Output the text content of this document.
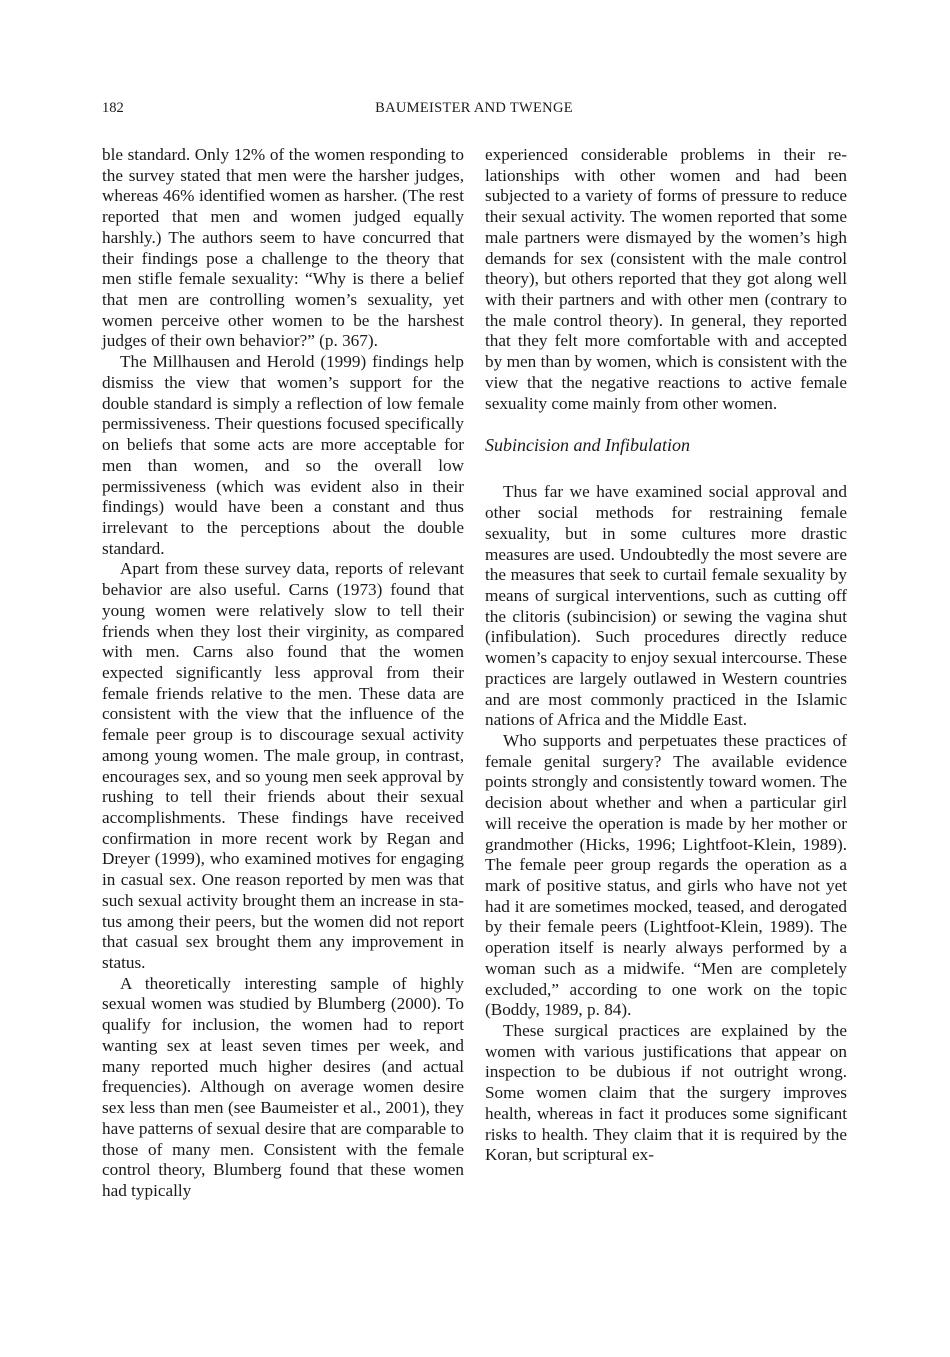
182	BAUMEISTER AND TWENGE

ble standard. Only 12% of the women responding to the survey stated that men were the harsher judges, whereas 46% identified women as harsher. (The rest reported that men and women judged equally harshly.) The authors seem to have concurred that their findings pose a challenge to the theory that men stifle female sexuality: “Why is there a belief that men are controlling women’s sexuality, yet women perceive other women to be the harshest judges of their own behavior?” (p. 367).

The Millhausen and Herold (1999) findings help dismiss the view that women’s support for the double standard is simply a reflection of low female permissiveness. Their questions focused specifically on beliefs that some acts are more acceptable for men than women, and so the overall low permissiveness (which was evident also in their findings) would have been a constant and thus irrelevant to the perceptions about the double standard.

Apart from these survey data, reports of relevant behavior are also useful. Carns (1973) found that young women were relatively slow to tell their friends when they lost their virginity, as compared with men. Carns also found that the women expected significantly less approval from their female friends relative to the men. These data are consistent with the view that the influence of the female peer group is to discourage sexual activity among young women. The male group, in contrast, encourages sex, and so young men seek approval by rushing to tell their friends about their sexual accomplishments. These findings have received confirmation in more recent work by Regan and Dreyer (1999), who examined motives for engaging in casual sex. One reason reported by men was that such sexual activity brought them an increase in status among their peers, but the women did not report that casual sex brought them any improvement in status.

A theoretically interesting sample of highly sexual women was studied by Blumberg (2000). To qualify for inclusion, the women had to report wanting sex at least seven times per week, and many reported much higher desires (and actual frequencies). Although on average women desire sex less than men (see Baumeister et al., 2001), they have patterns of sexual desire that are comparable to those of many men. Consistent with the female control theory, Blumberg found that these women had typically

experienced considerable problems in their relationships with other women and had been subjected to a variety of forms of pressure to reduce their sexual activity. The women reported that some male partners were dismayed by the women’s high demands for sex (consistent with the male control theory), but others reported that they got along well with their partners and with other men (contrary to the male control theory). In general, they reported that they felt more comfortable with and accepted by men than by women, which is consistent with the view that the negative reactions to active female sexuality come mainly from other women.

Subincision and Infibulation

Thus far we have examined social approval and other social methods for restraining female sexuality, but in some cultures more drastic measures are used. Undoubtedly the most severe are the measures that seek to curtail female sexuality by means of surgical interventions, such as cutting off the clitoris (subincision) or sewing the vagina shut (infibulation). Such procedures directly reduce women’s capacity to enjoy sexual intercourse. These practices are largely outlawed in Western countries and are most commonly practiced in the Islamic nations of Africa and the Middle East.

Who supports and perpetuates these practices of female genital surgery? The available evidence points strongly and consistently toward women. The decision about whether and when a particular girl will receive the operation is made by her mother or grandmother (Hicks, 1996; Lightfoot-Klein, 1989). The female peer group regards the operation as a mark of positive status, and girls who have not yet had it are sometimes mocked, teased, and derogated by their female peers (Lightfoot-Klein, 1989). The operation itself is nearly always performed by a woman such as a midwife. “Men are completely excluded,” according to one work on the topic (Boddy, 1989, p. 84).

These surgical practices are explained by the women with various justifications that appear on inspection to be dubious if not outright wrong. Some women claim that the surgery improves health, whereas in fact it produces some significant risks to health. They claim that it is required by the Koran, but scriptural ex-
